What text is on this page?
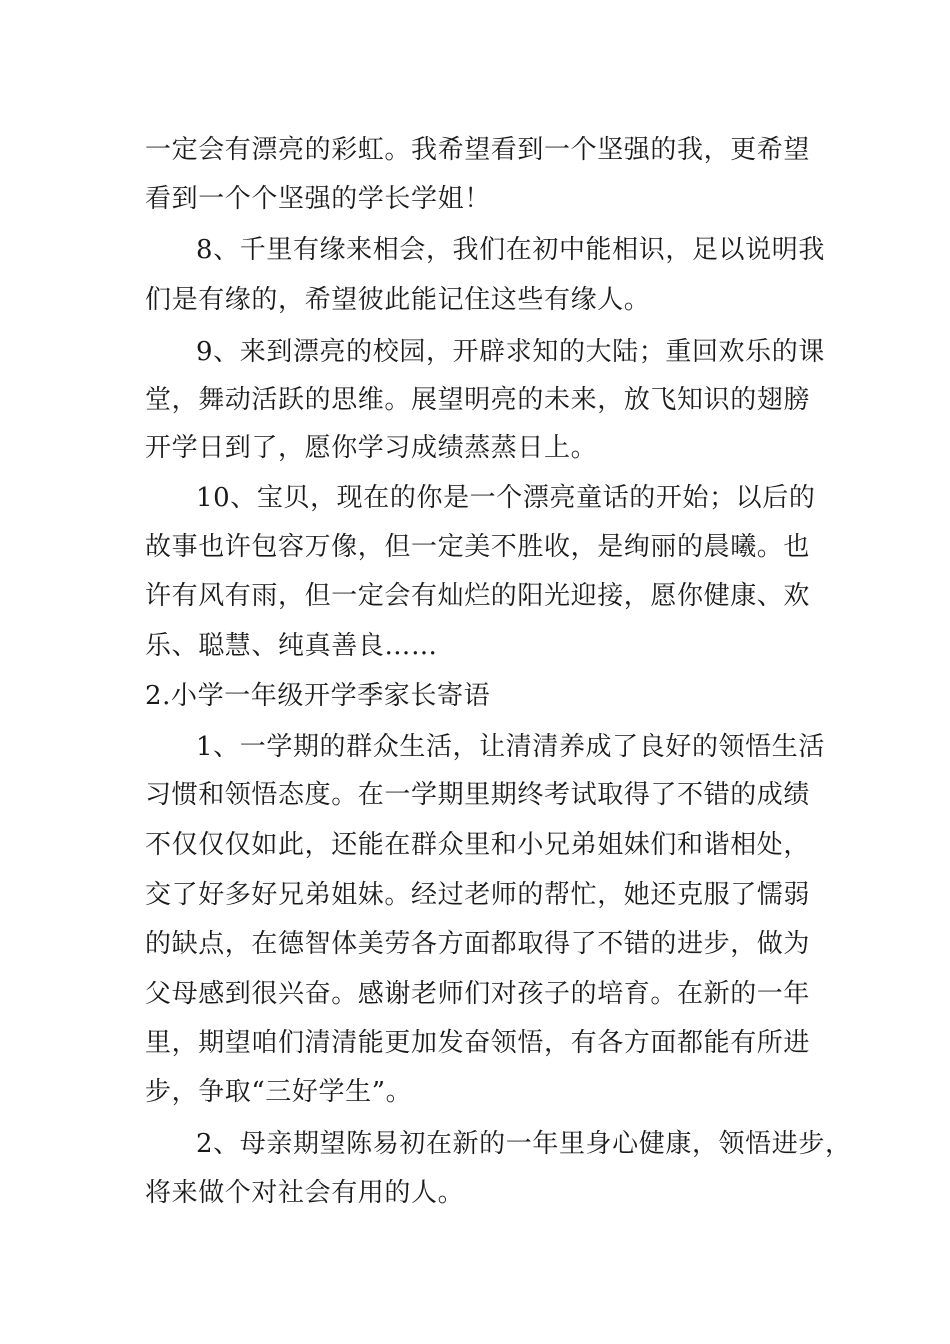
一定会有漂亮的彩虹。我希望看到一个坚强的我，更希望
看到一个个坚强的学长学姐！
8、千里有缘来相会，我们在初中能相识，足以说明我
们是有缘的，希望彼此能记住这些有缘人。
9、来到漂亮的校园，开辟求知的大陆；重回欢乐的课
堂，舞动活跃的思维。展望明亮的未来，放飞知识的翅膀
开学日到了，愿你学习成绩蒸蒸日上。
10、宝贝，现在的你是一个漂亮童话的开始；以后的
故事也许包容万像，但一定美不胜收，是绚丽的晨曦。也
许有风有雨，但一定会有灿烂的阳光迎接，愿你健康、欢
乐、聪慧、纯真善良……
2.小学一年级开学季家长寄语
1、一学期的群众生活，让清清养成了良好的领悟生活
习惯和领悟态度。在一学期里期终考试取得了不错的成绩
不仅仅仅如此，还能在群众里和小兄弟姐妹们和谐相处，
交了好多好兄弟姐妹。经过老师的帮忙，她还克服了懦弱
的缺点，在德智体美劳各方面都取得了不错的进步，做为
父母感到很兴奋。感谢老师们对孩子的培育。在新的一年
里，期望咱们清清能更加发奋领悟，有各方面都能有所进
步，争取“三好学生”。
2、母亲期望陈易初在新的一年里身心健康，领悟进步，
将来做个对社会有用的人。
